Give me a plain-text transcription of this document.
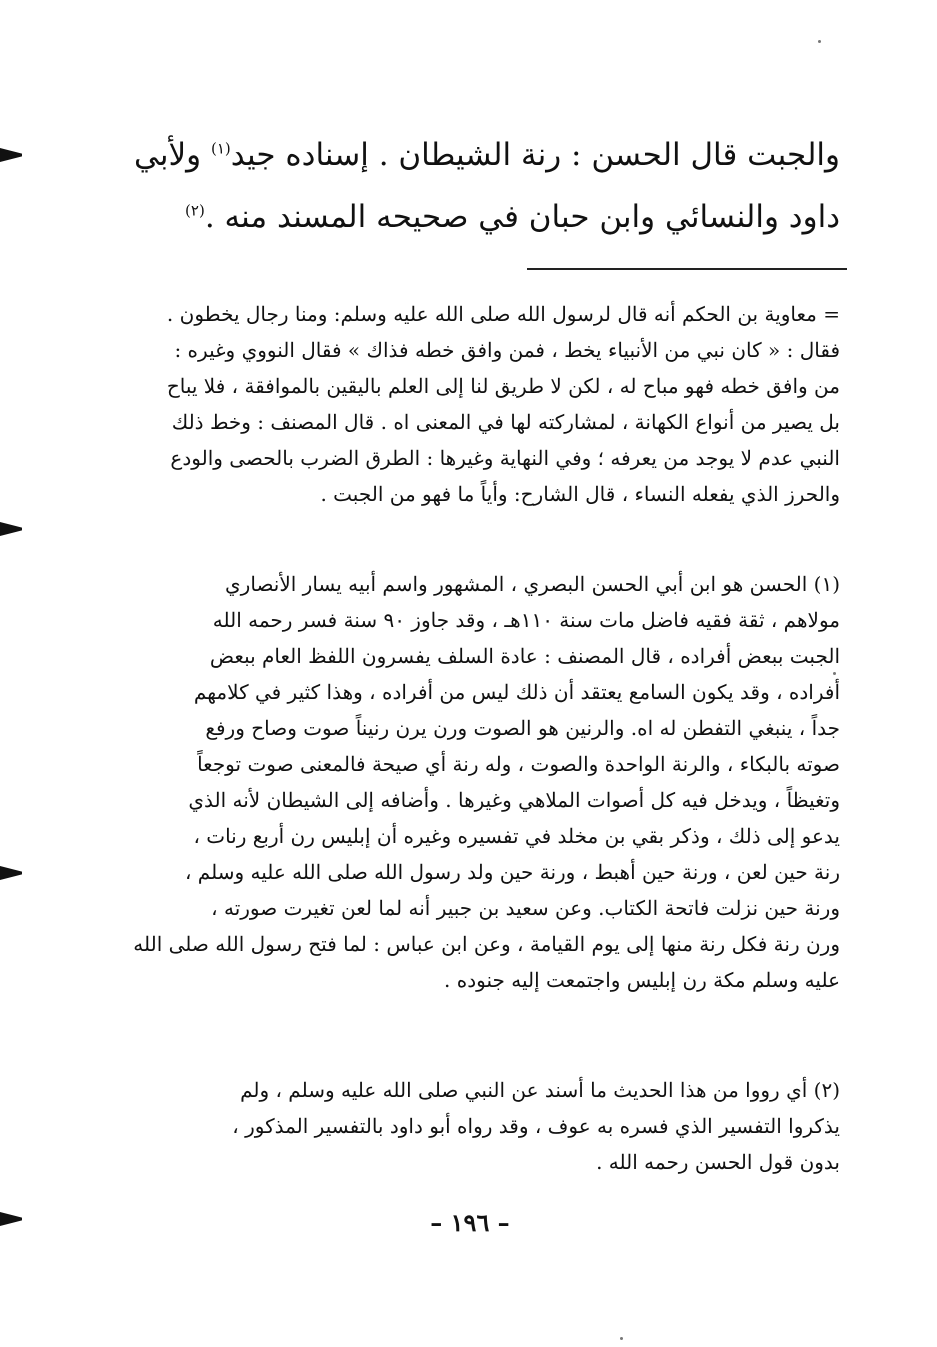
والجبت قال الحسن : رنة الشيطان . إسناده جيد$^{(١)}$ ولأبي

داود والنسائي وابن حبان في صحيحه المسند منه .$^{(٢)}$

= معاوية بن الحكم أنه قال لرسول الله صلى الله عليه وسلم: ومنا رجال يخطون .

فقال : « كان نبي من الأنبياء يخط ، فمن وافق خطه فذاك » فقال النووي وغيره :

من وافق خطه فهو مباح له ، لكن لا طريق لنا إلى العلم باليقين بالموافقة ، فلا يباح

بل يصير من أنواع الكهانة ، لمشاركته لها في المعنى اه . قال المصنف : وخط ذلك

النبي عدم لا يوجد من يعرفه ؛ وفي النهاية وغيرها : الطرق الضرب بالحصى والودع

والحرز الذي يفعله النساء ، قال الشارح: وأياً ما فهو من الجبت .

(١) الحسن هو ابن أبي الحسن البصري ، المشهور واسم أبيه يسار الأنصاري

مولاهم ، ثقة فقيه فاضل مات سنة ١١٠هـ ، وقد جاوز ٩٠ سنة فسر رحمه الله

الجبت ببعض أفراده ، قال المصنف : عادة السلف يفسرون اللفظ العام ببعض

أفراده ، وقد يكون السامع يعتقد أن ذلك ليس من أفراده ، وهذا كثير في كلامهم

جداً ، ينبغي التفطن له اه. والرنين هو الصوت ورن يرن رنيناً صوت وصاح ورفع

صوته بالبكاء ، والرنة الواحدة والصوت ، وله رنة أي صيحة فالمعنى صوت توجعاً

وتغيظاً ، ويدخل فيه كل أصوات الملاهي وغيرها . وأضافه إلى الشيطان لأنه الذي

يدعو إلى ذلك ، وذكر بقي بن مخلد في تفسيره وغيره أن إبليس رن أربع رنات ،

رنة حين لعن ، ورنة حين أهبط ، ورنة حين ولد رسول الله صلى الله عليه وسلم ،

ورنة حين نزلت فاتحة الكتاب. وعن سعيد بن جبير أنه لما لعن تغيرت صورته ،

ورن رنة فكل رنة منها إلى يوم القيامة ، وعن ابن عباس : لما فتح رسول الله صلى الله

عليه وسلم مكة رن إبليس واجتمعت إليه جنوده .

(٢) أي رووا من هذا الحديث ما أسند عن النبي صلى الله عليه وسلم ، ولم

يذكروا التفسير الذي فسره به عوف ، وقد رواه أبو داود بالتفسير المذكور ،

بدون قول الحسن رحمه الله .

– ١٩٦ –
